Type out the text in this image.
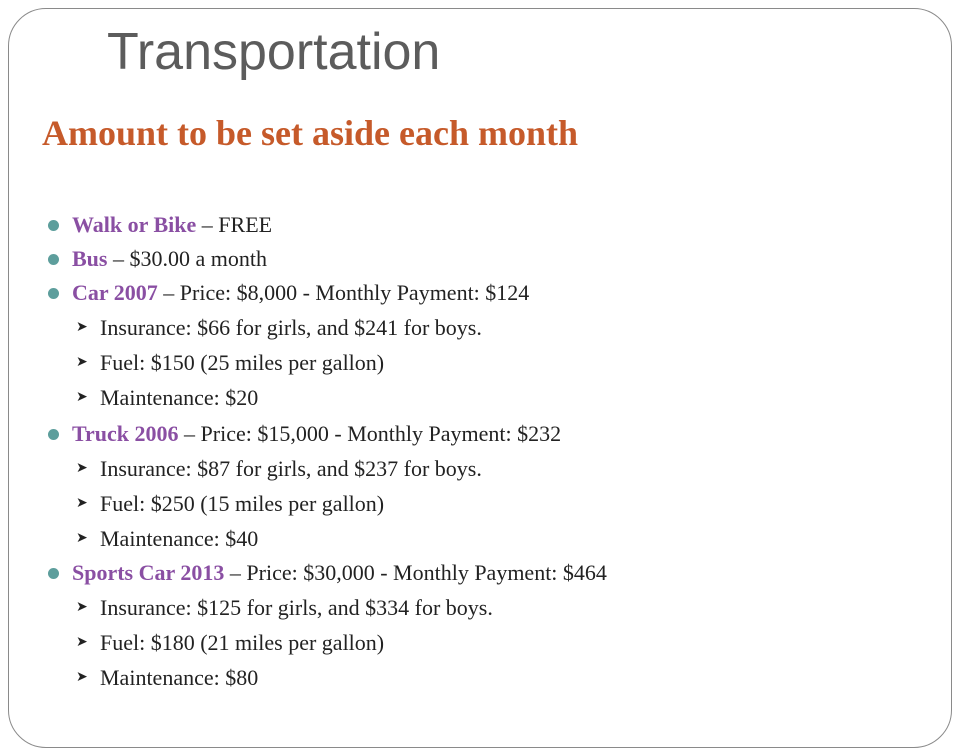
Transportation
Amount to be set aside each month
Walk or Bike – FREE
Bus – $30.00 a month
Car 2007 – Price: $8,000 - Monthly Payment: $124
➤ Insurance: $66 for girls, and $241 for boys.
➤ Fuel: $150 (25 miles per gallon)
➤ Maintenance: $20
Truck 2006 – Price: $15,000 - Monthly Payment: $232
➤ Insurance: $87 for girls, and $237 for boys.
➤ Fuel: $250 (15 miles per gallon)
➤ Maintenance: $40
Sports Car 2013 – Price: $30,000 - Monthly Payment: $464
➤ Insurance: $125 for girls, and $334 for boys.
➤ Fuel: $180 (21 miles per gallon)
➤ Maintenance: $80
